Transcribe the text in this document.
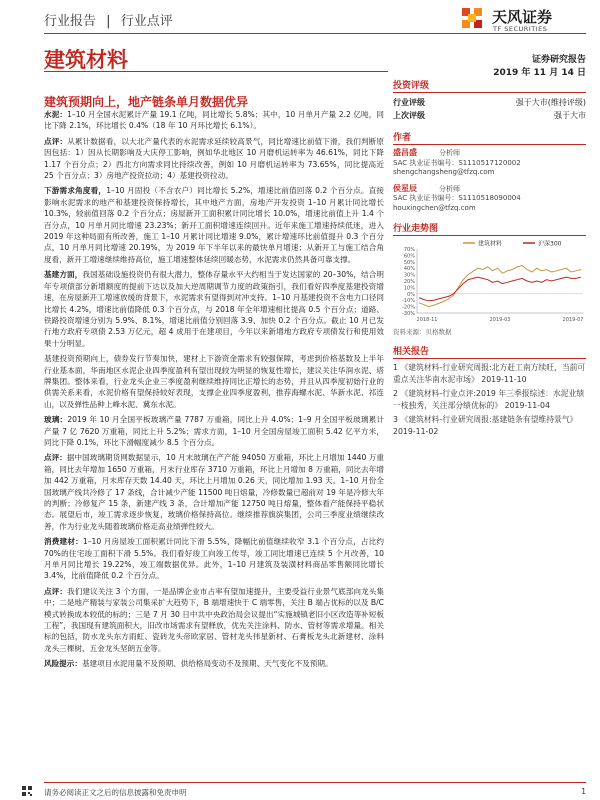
行业报告 | 行业点评	天风证券
TF SECURITIES
建筑材料	证券研究报告
2019 年 11 月 14 日
建筑预期向上，地产链条单月数据优异

水泥：1–10 月全国水泥累计产量 19.1 亿吨，同比增长 5.8%；其中，10 月单月产量 2.2 亿吨，同比下降 2.1%，环比增长 0.4%（18 年 10 月环比增长 6.1%）。

点评：从累计数据看，以大北产量代表的水泥需求延续较高景气，同比增速比前值下滑，我们判断原因包括：1）因从长期影响及大庆停工影响，例如华北地区 10 月磨机运转率为 46.61%，同比下降 1.17 个百分点；2）西北方向需求同比持续改善，例如 10 月磨机运转率为 73.65%，同比提高近 25 个百分点；3）房地产投资拉动；4）基建投资拉动。

下游需求角度看，1–10 月固投（不含农户）同比增长 5.2%，增速比前值回落 0.2 个百分点。直接影响水泥需求的地产和基建投资保持增长，其中地产方面，房地产开发投资 1–10 月累计同比增长 10.3%，较前值回落 0.2 个百分点；房屋新开工面积累计同比增长 10.0%，增速比前值上升 1.4 个百分点，10 月单月同比增速 23.23%；新开工面积增速连续回升。近年来施工增速持续低迷，进入 2019 年这种局面有所改善，施工 1–10 月累计同比增速 9.0%，累计增速环比前值提升 0.3 个百分点，10 月单月同比增速 20.19%，为 2019 年下半年以来的最快单月增速；从新开工与施工结合角度看，新开工增速继续维持高位，施工增速整体延续回暖态势，水泥需求仍然具备可靠支撑。

基建方面，我国基础设施投资仍有很大潜力，整体存量水平大约相当于发达国家的 20–30%，结合明年专项债部分新增额度的提前下达以及加大逆周期调节力度的政策指引，我们看好四季度基建投资增速，在房屋新开工增速放缓的背景下，水泥需求有望得到对冲支持。1–10 月基建投资不含电力口径同比增长 4.2%，增速比前值降低 0.3 个百分点，与 2018 年全年增速相比提高 0.5 个百分点；道路、铁路投资增速分别为 5.9%、8.1%，增速比前值分别回落 3.9、加快 0.2 个百分点。截止 10 月已发行地方政府专项债 2.53 万亿元，超 4 成用于在建项目，今年以来新增地方政府专项债发行和使用效果十分明显。

基建投资预期向上，债券发行节奏加快，建材上下游资金需求有较强保障，考虑到价格基数及上半年行业基本面，华南地区水泥企业四季度盈利有望出现较为明显的恢复性增长，建议关注华润水泥、塔牌集团。整体来看，行业龙头企业三季度盈利继续维持同比正增长的态势，并且从四季度初始行业的供需关系来看，水泥价格有望保持较好表现，支撑企业四季度盈利，推荐海螺水泥、华新水泥、祁连山，以及弹性品种上峰水泥、冀东水泥。

玻璃：2019 年 10 月全国平板玻璃产量 7787 万重箱，同比上升 4.0%；1–9 月全国平板玻璃累计产量 7 亿 7620 万重箱，同比上升 5.2%；需求方面，1–10 月全国房屋竣工面积 5.42 亿平方米，同比下降 0.1%，环比下滑幅度减少 8.5 个百分点。

点评：据中国玻璃期货网数据显示，10 月末玻璃在产产能 94050 万重箱，环比上月增加 1440 万重箱，同比去年增加 1650 万重箱，月末行业库存 3710 万重箱，环比上月增加 8 万重箱，同比去年增加 442 万重箱，月末库存天数 14.40 天，环比上月增加 0.26 天，同比增加 1.93 天。1–10 月份全国玻璃产线共冷修了 17 条线，合计减少产能 11500 吨日熔量，冷修数量已超前对 19 年是冷修大年的判断；冷修复产 15 条，新建产线 3 条，合计增加产能 12750 吨日熔量，整体看产能保持平稳状态。展望后市，竣工需求逐步恢复，玻璃价格保持高位。继续推荐旗滨集团，公司三季度业绩继续改善，作为行业龙头随着玻璃价格走高业绩弹性较大。

消费建材：1–10 月房屋竣工面积累计同比下滑 5.5%，降幅比前值继续收窄 3.1 个百分点，占比约 70%的住宅竣工面积下滑 5.5%。我们看好竣工向竣工传导，竣工同比增速已连续 5 个月改善，10 月单月同比增长 19.22%，竣工端数据优异。此外，1–10 月建筑及装潢材料商品零售额同比增长 3.4%，比前值降低 0.2 个百分点。

点评：我们建议关注 3 个方面，一是品牌企业市占率有望加速提升，主要受益行业景气底部向龙头集中；二是地产精装与家装公司集采扩大趋势下，B 端增速快于 C 端零售，关注 B 端占优标的以及 B/C 模式转换成本较低的标的；三是 7 月 30 日中共中央政治局会议提出“实施城镇老旧小区改造等补短板工程”，我国现有建筑面积大，旧改市场需求有望释放，优先关注涂料、防水、管材等需求增量。相关标的包括，防水龙头东方雨虹、瓷砖龙头帝欧家居、管材龙头伟星新材、石膏板龙头北新建材、涂料龙头三棵树、五金龙头坚朗五金等。

风险提示：基建项目水泥用量不及预期、供给格局变动不及预期、天气变化不及预期。

投资评级
行业评级	强于大市(维持评级)
上次评级	强于大市
作者
盛昌盛	分析师
SAC 执业证书编号：S1110517120002
shengchangsheng@tfzq.com
侯星辰	分析师
SAC 执业证书编号：S1110518090004
houxingchen@tfzq.com
行业走势图
建筑材料	沪深300
70%
60%
50%
40%
30%
20%
10%
0%
-10%
-20%
-30%
2018-11	2019-03	2019-07
资料来源：贝格数据
相关报告
1 《建筑材料-行业研究周报:北方赶工南方续旺，当前可重点关注华南水泥市场》 2019-11-10
2 《建筑材料-行业点评:2019 年三季报综述：水泥业绩一枝独秀，关注部分绩优标的》 2019-11-04
3 《建筑材料-行业研究周报:基建链条有望维持景气》 2019-11-02
请务必阅读正文之后的信息披露和免责申明	1
